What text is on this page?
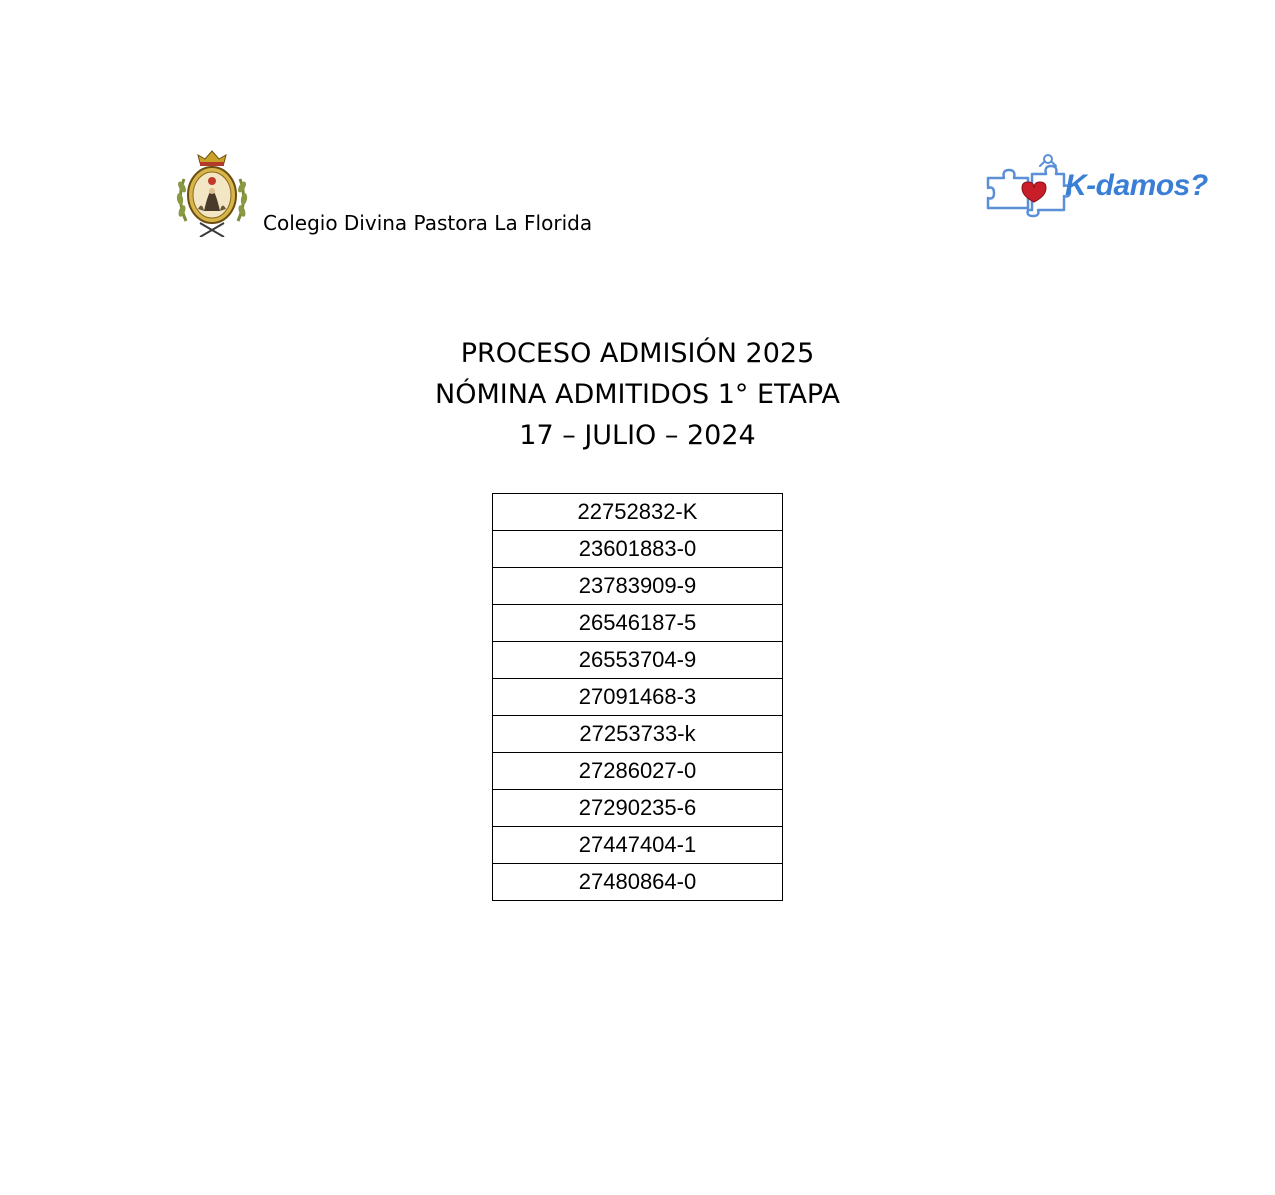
Colegio Divina Pastora La Florida
K-damos?
PROCESO ADMISIÓN 2025
NÓMINA ADMITIDOS 1° ETAPA
17 – JULIO – 2024
22752832-K
23601883-0
23783909-9
26546187-5
26553704-9
27091468-3
27253733-k
27286027-0
27290235-6
27447404-1
27480864-0
